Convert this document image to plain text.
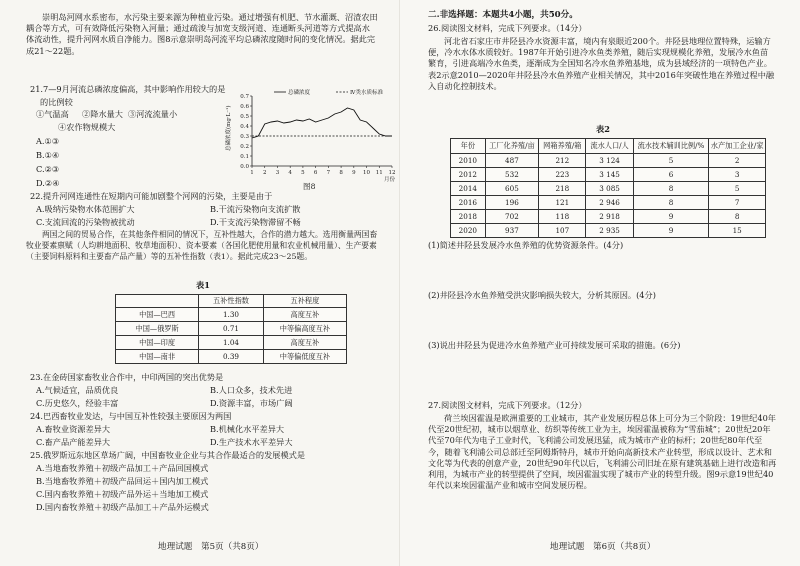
崇明岛河网水系密布，水污染主要来源为种植业污染。通过增强有机肥、节水灌溉、沼渣农田耦合等方式，可有效降低污染物入河量；通过疏浚与加宽支级河道、连通断头河道等方式提高水体流动性，提升河网水质自净能力。图8示意崇明岛河流平均总磷浓度随时间的变化情况。据此完成21～22题。
21.7—9月河流总磷浓度偏高，其中影响作用较大的是
的比例较
①气温高 ②降水量大 ③河流流量小
④农作物规模大
A.①③
B.①④
C.②③
D.②④
0.0
0.1
0.2
0.3
0.4
0.5
0.6
0.7
1 2 3 4 5 6 7 8 9 10 11 12
月份
总磷浓度(mg·L⁻¹)
总磷浓度	Ⅳ类水质标准
图8
22.提升河网连通性在短期内可能加剧整个河网的污染，主要是由于
A.吸纳污染物水体范围扩大	B.干流污染物向支流扩散
C.支流回流的污染物被扰动	D.干支流污染物滞留不畅
两国之间的贸易合作，在其他条件相同的情况下，互补性越大，合作的潜力越大。选用衡量两国畜牧业要素禀赋（人均耕地面积、牧草地面积）、资本要素（各国化肥使用量和农业机械用量）、生产要素（主要饲料原料和主要畜产品产量）等的五补性指数（表1）。据此完成23～25题。
表1
	五补性指数	五补程度
中国—巴西	1.30	高度互补
中国—俄罗斯	0.71	中等偏高度互补
中国—印度	1.04	高度互补
中国—南非	0.39	中等偏低度互补
23.在金砖国家畜牧业合作中，中印两国的突出优势是
A.气候适宜，品质优良	B.人口众多，技术先进
C.历史悠久，经验丰富	D.资源丰富，市场广阔
24.巴西畜牧业发达，与中国互补性较强主要原因为两国
A.畜牧业资源差异大	B.机械化水平差异大
C.畜产品产能差异大	D.生产技术水平差异大
25.俄罗斯远东地区草场广阔，中国畜牧业企业与其合作最适合的发展模式是
A.当地畜牧养殖＋初级产品加工＋产品回国模式
B.当地畜牧养殖＋初级产品回运＋国内加工模式
C.国内畜牧养殖＋初级产品外运＋当地加工模式
D.国内畜牧养殖＋初级产品加工＋产品外运模式
地理试题　第5页（共8页）
二.非选择题：本题共4小题，共50分。
26.阅读图文材料，完成下列要求。（14分）
河北省石家庄市井陉县冷水资源丰富，境内有泉眼近200个。井陉县地理位置特殊，运输方便，冷水水体水质较好。1987年开始引进冷水鱼类养殖，随后实现规模化养殖，发展冷水鱼苗繁育，引进高端冷水鱼类，逐渐成为全国知名冷水鱼养殖基地，成为县域经济的一项特色产业。表2示意2010—2020年井陉县冷水鱼养殖产业相关情况，其中2016年突破性地在养殖过程中融入自动化控制技术。
表2
年份	工厂化养殖/亩	网箱养殖/箱	流水人口/人	流水技术辅训比例/%	水产加工企业/家
2010	487	212	3 124	5	2
2012	532	223	3 145	6	3
2014	605	218	3 085	8	5
2016	196	121	2 946	8	7
2018	702	118	2 918	9	8
2020	937	107	2 935	9	15
(1)简述井陉县发展冷水鱼养殖的优势资源条件。(4分)
(2)井陉县冷水鱼养殖受洪灾影响损失较大，分析其原因。(4分)
(3)说出井陉县为促进冷水鱼养殖产业可持续发展可采取的措施。(6分)
27.阅读图文材料，完成下列要求。（12分）
荷兰埃因霍温是欧洲重要的工业城市，其产业发展历程总体上可分为三个阶段：19世纪40年代至20世纪初，城市以烟草业、纺织等传统工业为主，埃因霍温被称为“雪茄城”；20世纪20年代至70年代为电子工业时代，飞利浦公司发展迅猛，成为城市产业的标杆；20世纪80年代至今，随着飞利浦公司总部迁至阿姆斯特丹，城市开始向高新技术产业转型，形成以设计、艺术和文化等为代表的创意产业，20世纪90年代以后，飞利浦公司旧址在原有建筑基础上进行改造和再利用，为城市产业的转型提供了空间，埃因霍温实现了城市产业的转型升级。图9示意19世纪40年代以来埃因霍温产业和城市空间发展历程。
地理试题　第6页（共8页）
